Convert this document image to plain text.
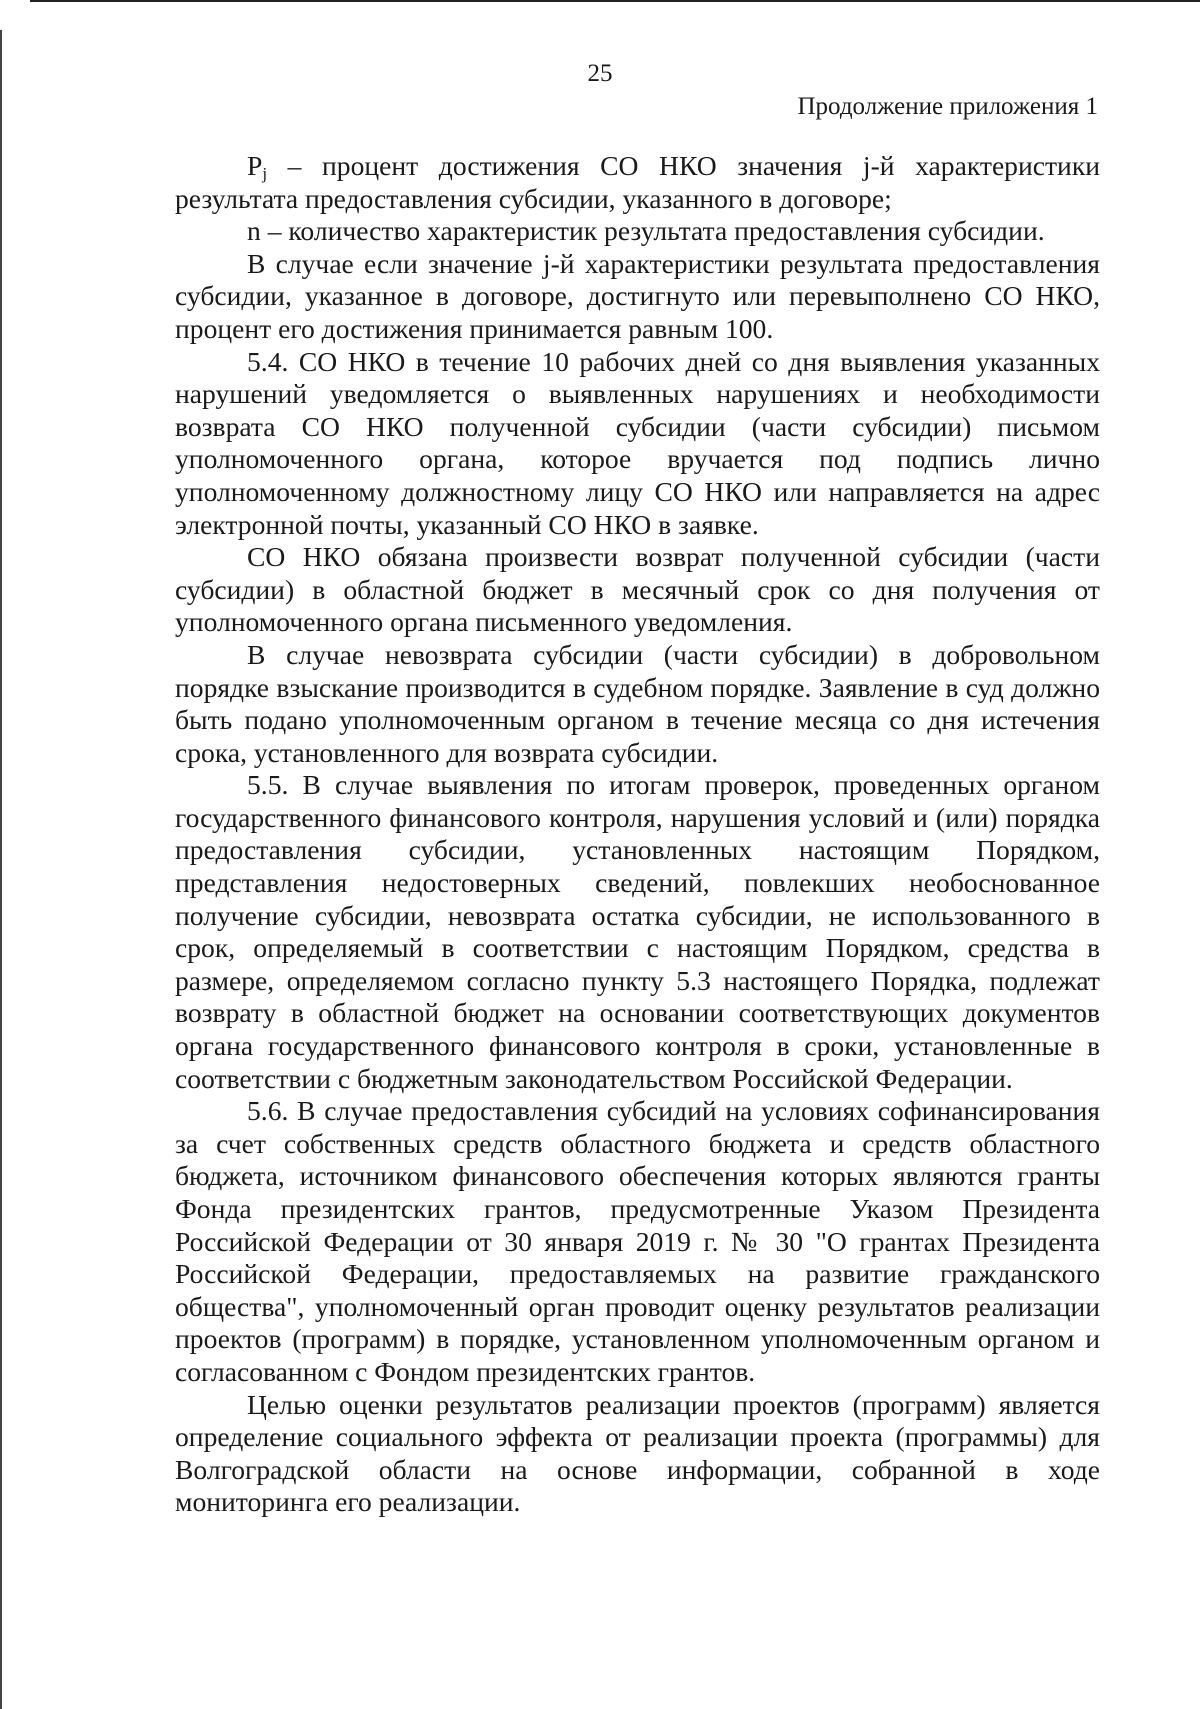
25
Продолжение приложения 1

$P_j$ – процент достижения СО НКО значения j-й характеристики результата предоставления субсидии, указанного в договоре;

n – количество характеристик результата предоставления субсидии.

В случае если значение j-й характеристики результата предоставления субсидии, указанное в договоре, достигнуто или перевыполнено СО НКО, процент его достижения принимается равным 100.

5.4. СО НКО в течение 10 рабочих дней со дня выявления указанных нарушений уведомляется о выявленных нарушениях и необходимости возврата СО НКО полученной субсидии (части субсидии) письмом уполномоченного органа, которое вручается под подпись лично уполномоченному должностному лицу СО НКО или направляется на адрес электронной почты, указанный СО НКО в заявке.

СО НКО обязана произвести возврат полученной субсидии (части субсидии) в областной бюджет в месячный срок со дня получения от уполномоченного органа письменного уведомления.

В случае невозврата субсидии (части субсидии) в добровольном порядке взыскание производится в судебном порядке. Заявление в суд должно быть подано уполномоченным органом в течение месяца со дня истечения срока, установленного для возврата субсидии.

5.5. В случае выявления по итогам проверок, проведенных органом государственного финансового контроля, нарушения условий и (или) порядка предоставления субсидии, установленных настоящим Порядком, представления недостоверных сведений, повлекших необоснованное получение субсидии, невозврата остатка субсидии, не использованного в срок, определяемый в соответствии с настоящим Порядком, средства в размере, определяемом согласно пункту 5.3 настоящего Порядка, подлежат возврату в областной бюджет на основании соответствующих документов органа государственного финансового контроля в сроки, установленные в соответствии с бюджетным законодательством Российской Федерации.

5.6. В случае предоставления субсидий на условиях софинансирования за счет собственных средств областного бюджета и средств областного бюджета, источником финансового обеспечения которых являются гранты Фонда президентских грантов, предусмотренные Указом Президента Российской Федерации от 30 января 2019 г. № 30 "О грантах Президента Российской Федерации, предоставляемых на развитие гражданского общества", уполномоченный орган проводит оценку результатов реализации проектов (программ) в порядке, установленном уполномоченным органом и согласованном с Фондом президентских грантов.

Целью оценки результатов реализации проектов (программ) является определение социального эффекта от реализации проекта (программы) для Волгоградской области на основе информации, собранной в ходе мониторинга его реализации.
